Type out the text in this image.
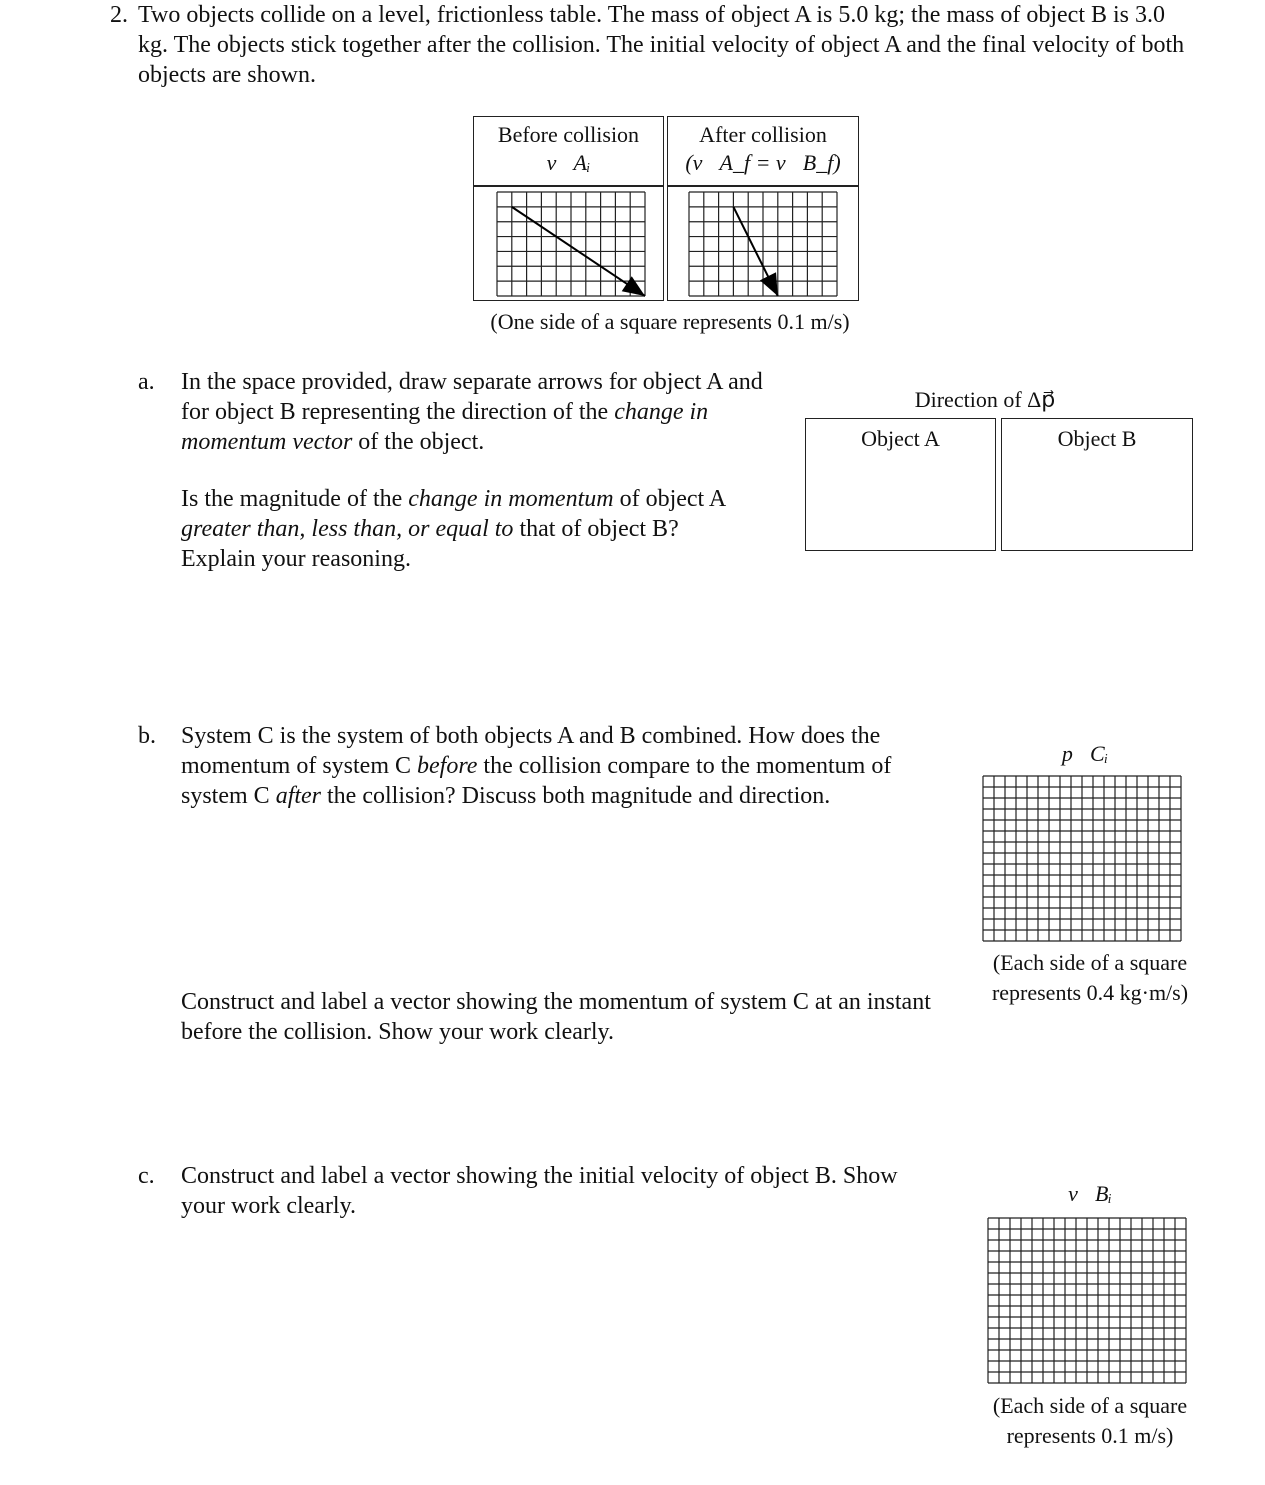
2. Two objects collide on a level, frictionless table. The mass of object A is 5.0 kg; the mass of object B is 3.0 kg. The objects stick together after the collision. The initial velocity of object A and the final velocity of both objects are shown.

Before collision
v⃗Aᵢ
After collision
(v⃗A_f = v⃗B_f)
(One side of a square represents 0.1 m/s)
a. In the space provided, draw separate arrows for object A and for object B representing the direction of the change in momentum vector of the object.

Is the magnitude of the change in momentum of object A greater than, less than, or equal to that of object B? Explain your reasoning.

Direction of Δp⃗
Object A	Object B
b. System C is the system of both objects A and B combined. How does the momentum of system C before the collision compare to the momentum of system C after the collision? Discuss both magnitude and direction.

Construct and label a vector showing the momentum of system C at an instant before the collision. Show your work clearly.

p⃗Cᵢ

(Each side of a square represents 0.4 kg·m/s)

c. Construct and label a vector showing the initial velocity of object B. Show your work clearly.	v⃗Bᵢ

(Each side of a square represents 0.1 m/s)
